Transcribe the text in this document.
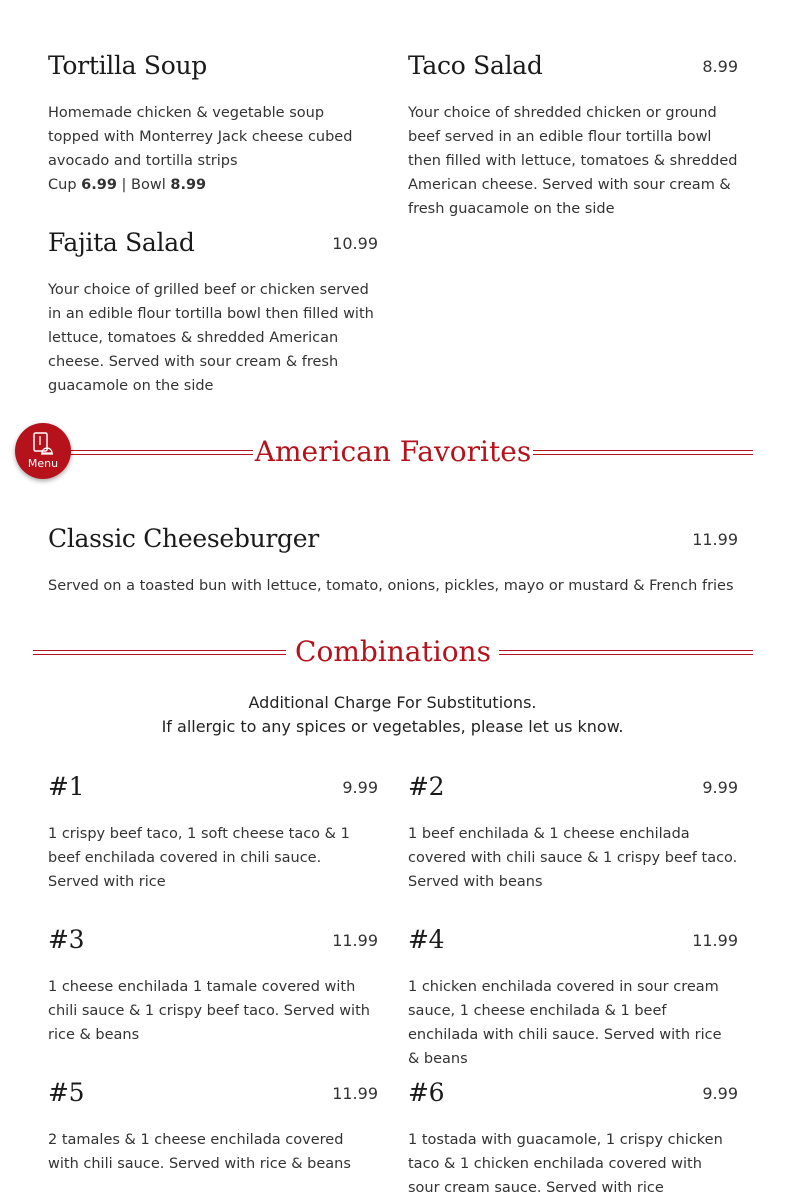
Tortilla Soup
Homemade chicken & vegetable soup topped with Monterrey Jack cheese cubed avocado and tortilla strips
Cup 6.99 | Bowl 8.99
Taco Salad	8.99
Your choice of shredded chicken or ground beef served in an edible flour tortilla bowl then filled with lettuce, tomatoes & shredded American cheese. Served with sour cream & fresh guacamole on the side
Fajita Salad	10.99
Your choice of grilled beef or chicken served in an edible flour tortilla bowl then filled with lettuce, tomatoes & shredded American cheese. Served with sour cream & fresh guacamole on the side
American Favorites
Menu
Classic Cheeseburger	11.99
Served on a toasted bun with lettuce, tomato, onions, pickles, mayo or mustard & French fries
Combinations
Additional Charge For Substitutions.
If allergic to any spices or vegetables, please let us know.
#1	9.99
1 crispy beef taco, 1 soft cheese taco & 1 beef enchilada covered in chili sauce. Served with rice
#2	9.99
1 beef enchilada & 1 cheese enchilada covered with chili sauce & 1 crispy beef taco. Served with beans
#3	11.99
1 cheese enchilada 1 tamale covered with chili sauce & 1 crispy beef taco. Served with rice & beans
#4	11.99
1 chicken enchilada covered in sour cream sauce, 1 cheese enchilada & 1 beef enchilada with chili sauce. Served with rice & beans
#5	11.99
2 tamales & 1 cheese enchilada covered with chili sauce. Served with rice & beans
#6	9.99
1 tostada with guacamole, 1 crispy chicken taco & 1 chicken enchilada covered with sour cream sauce. Served with rice
